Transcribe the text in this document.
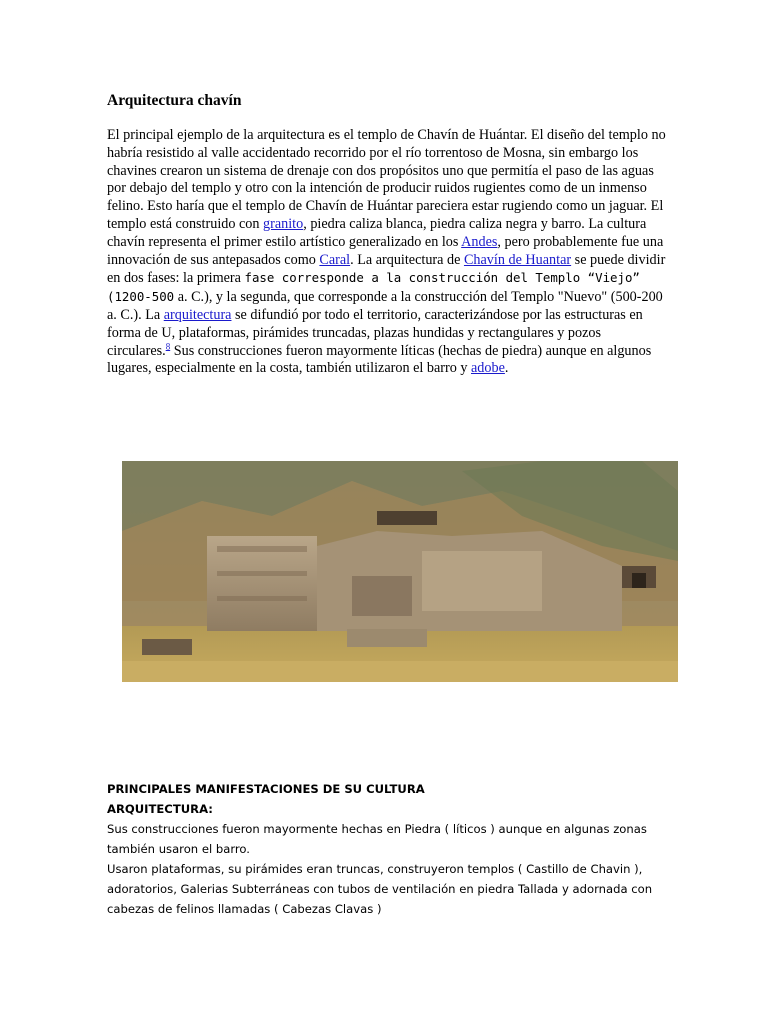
Arquitectura chavín

El principal ejemplo de la arquitectura es el templo de Chavín de Huántar. El diseño del templo no habría resistido al valle accidentado recorrido por el río torrentoso de Mosna, sin embargo los chavines crearon un sistema de drenaje con dos propósitos uno que permitía el paso de las aguas por debajo del templo y otro con la intención de producir ruidos rugientes como de un inmenso felino. Esto haría que el templo de Chavín de Huántar pareciera estar rugiendo como un jaguar. El templo está construido con granito, piedra caliza blanca, piedra caliza negra y barro. La cultura chavín representa el primer estilo artístico generalizado en los Andes, pero probablemente fue una innovación de sus antepasados como Caral. La arquitectura de Chavín de Huantar se puede dividir en dos fases: la primera fase corresponde a la construcción del Templo “Viejo” (1200-500 a. C.), y la segunda, que corresponde a la construcción del Templo "Nuevo" (500-200 a. C.). La arquitectura se difundió por todo el territorio, caracterizándose por las estructuras en forma de U, plataformas, pirámides truncadas, plazas hundidas y rectangulares y pozos circulares.$^8$ Sus construcciones fueron mayormente líticas (hechas de piedra) aunque en algunos lugares, especialmente en la costa, también utilizaron el barro y adobe.

PRINCIPALES MANIFESTACIONES DE SU CULTURA

ARQUITECTURA:

Sus construcciones fueron mayormente hechas en Piedra ( líticos ) aunque en algunas zonas también usaron el barro.

Usaron plataformas, su pirámides eran truncas, construyeron templos ( Castillo de Chavin ), adoratorios, Galerias Subterráneas con tubos de ventilación en piedra Tallada y adornada con cabezas de felinos llamadas ( Cabezas Clavas )
